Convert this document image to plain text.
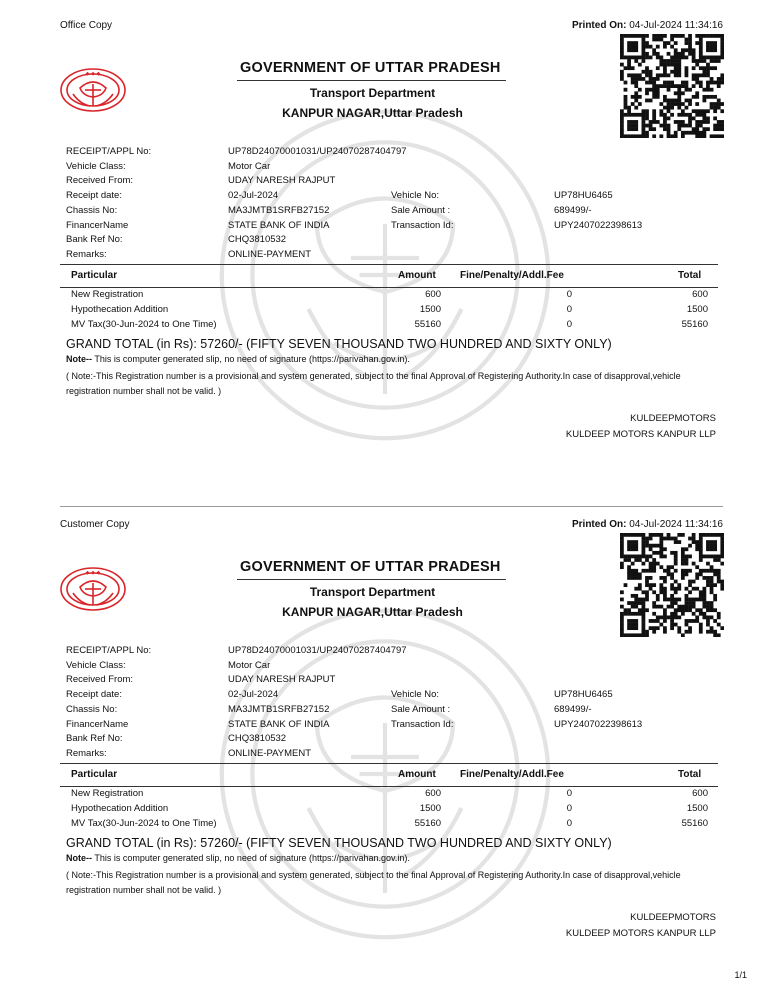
Office Copy	Printed On: 04-Jul-2024 11:34:16
◆ ◆ ◆	GOVERNMENT OF UTTAR PRADESH
Transport Department
KANPUR NAGAR,Uttar Pradesh
RECEIPT/APPL No:	UP78D24070001031/UP24070287404797
Vehicle Class:	Motor Car
Received From:	UDAY NARESH RAJPUT
Receipt date:	02-Jul-2024	Vehicle No:	UP78HU6465
Chassis No:	MA3JMTB1SRFB27152	Sale Amount :	689499/-
FinancerName	STATE BANK OF INDIA	Transaction Id:	UPY2407022398613
Bank Ref No:	CHQ3810532
Remarks:	ONLINE-PAYMENT
Particular	Amount Fine/Penalty/Addl.Fee	Total
New Registration	600	0	600
Hypothecation Addition	1500	0	1500
MV Tax(30-Jun-2024 to One Time)	55160	0	55160
GRAND TOTAL (in Rs): 57260/- (FIFTY SEVEN THOUSAND TWO HUNDRED AND SIXTY ONLY)
Note-- This is computer generated slip, no need of signature (https://parivahan.gov.in).
( Note:-This Registration number is a provisional and system generated, subject to the final Approval of Registering Authority.In case of disapproval,vehicle registration number shall not be valid. )
KULDEEPMOTORS
KULDEEP MOTORS KANPUR LLP
Customer Copy	Printed On: 04-Jul-2024 11:34:16
◆ ◆ ◆	GOVERNMENT OF UTTAR PRADESH
Transport Department
KANPUR NAGAR,Uttar Pradesh
RECEIPT/APPL No:	UP78D24070001031/UP24070287404797
Vehicle Class:	Motor Car
Received From:	UDAY NARESH RAJPUT
Receipt date:	02-Jul-2024	Vehicle No:	UP78HU6465
Chassis No:	MA3JMTB1SRFB27152	Sale Amount :	689499/-
FinancerName	STATE BANK OF INDIA	Transaction Id:	UPY2407022398613
Bank Ref No:	CHQ3810532
Remarks:	ONLINE-PAYMENT
Particular	Amount Fine/Penalty/Addl.Fee	Total
New Registration	600	0	600
Hypothecation Addition	1500	0	1500
MV Tax(30-Jun-2024 to One Time)	55160	0	55160
GRAND TOTAL (in Rs): 57260/- (FIFTY SEVEN THOUSAND TWO HUNDRED AND SIXTY ONLY)
Note-- This is computer generated slip, no need of signature (https://parivahan.gov.in).
( Note:-This Registration number is a provisional and system generated, subject to the final Approval of Registering Authority.In case of disapproval,vehicle registration number shall not be valid. )
KULDEEPMOTORS
KULDEEP MOTORS KANPUR LLP
1/1
